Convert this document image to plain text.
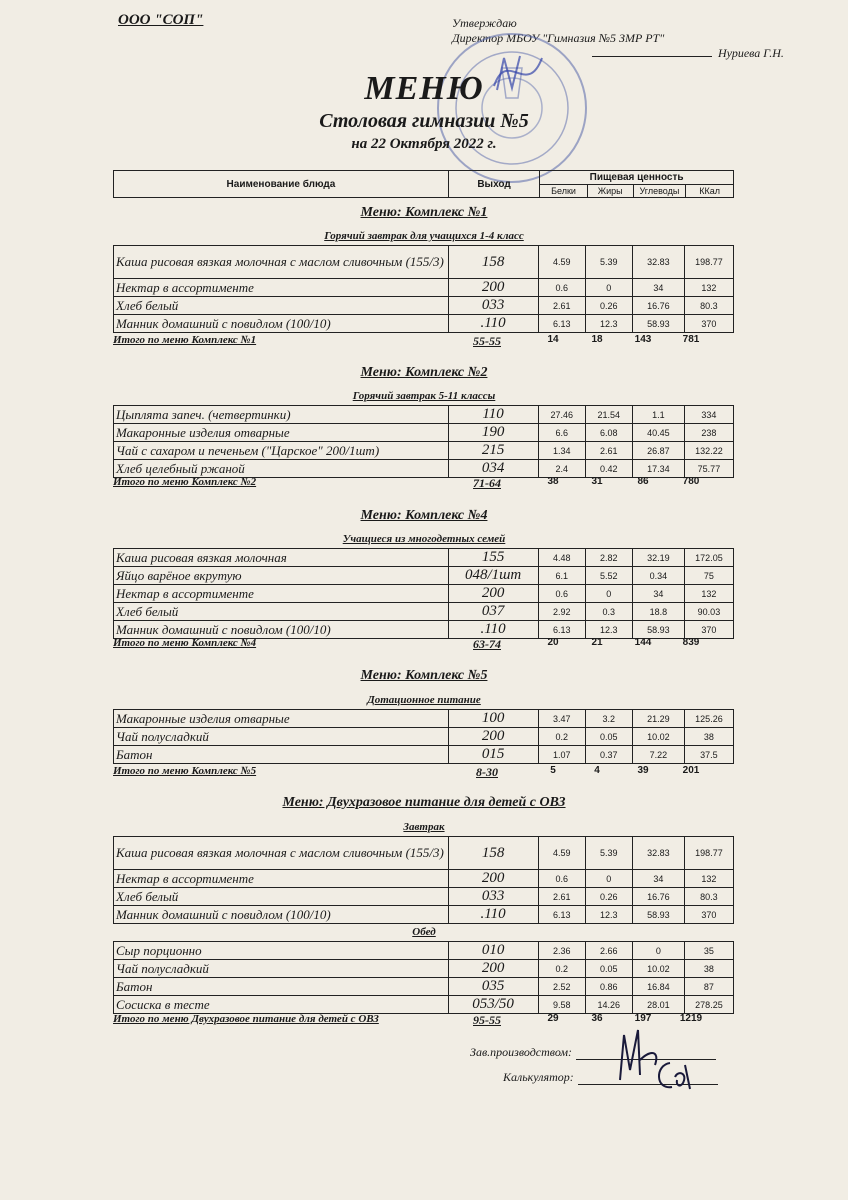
ООО "СОП"	Утверждаю
Директор МБОУ "Гимназия №5 ЗМР РТ"
Нуриева Г.Н.
МЕНЮ
Столовая гимназии №5
на 22 Октября 2022 г.
Наименование блюда	Выход	Пищевая ценность			
		Белки	Жиры	Углеводы	ККал
Меню: Комплекс №1
Горячий завтрак для учащихся 1-4 класс
Каша рисовая вязкая молочная с маслом сливочным (155/3)	158	4.59	5.39	32.83	198.77
Нектар в ассортименте	200	0.6	0	34	132
Хлеб белый	033	2.61	0.26	16.76	80.3
Манник домашний с повидлом (100/10)	.110	6.13	12.3	58.93	370
Итого по меню Комплекс №1	55-55	14	18	143	781
Меню: Комплекс №2
Горячий завтрак 5-11 классы
Цыплята запеч. (четвертинки)	110	27.46	21.54	1.1	334
Макаронные изделия отварные	190	6.6	6.08	40.45	238
Чай с сахаром и печеньем ("Царское" 200/1шт)	215	1.34	2.61	26.87	132.22
Хлеб целебный ржаной	034	2.4	0.42	17.34	75.77
Итого по меню Комплекс №2	71-64	38	31	86	780
Меню: Комплекс №4
Учащиеся из многодетных семей
Каша рисовая вязкая молочная	155	4.48	2.82	32.19	172.05
Яйцо варёное вкрутую	048/1шт	6.1	5.52	0.34	75
Нектар в ассортименте	200	0.6	0	34	132
Хлеб белый	037	2.92	0.3	18.8	90.03
Манник домашний с повидлом (100/10)	.110	6.13	12.3	58.93	370
Итого по меню Комплекс №4	63-74	20	21	144	839
Меню: Комплекс №5
Дотационное питание
Макаронные изделия отварные	100	3.47	3.2	21.29	125.26
Чай полусладкий	200	0.2	0.05	10.02	38
Батон	015	1.07	0.37	7.22	37.5
Итого по меню Комплекс №5	8-30	5	4	39	201
Меню: Двухразовое питание для детей с ОВЗ
Завтрак
Каша рисовая вязкая молочная с маслом сливочным (155/3)	158	4.59	5.39	32.83	198.77
Нектар в ассортименте	200	0.6	0	34	132
Хлеб белый	033	2.61	0.26	16.76	80.3
Манник домашний с повидлом (100/10)	.110	6.13	12.3	58.93	370
Обед
Сыр порционно	010	2.36	2.66	0	35
Чай полусладкий	200	0.2	0.05	10.02	38
Батон	035	2.52	0.86	16.84	87
Сосиска в тесте	053/50	9.58	14.26	28.01	278.25
Итого по меню Двухразовое питание для детей с ОВЗ	95-55	29	36	197	1219
Зав.производством:
Калькулятор:
